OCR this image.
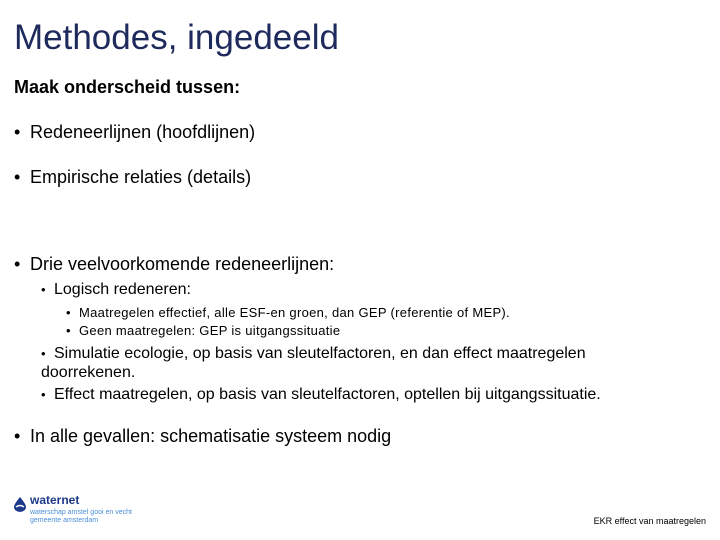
Methodes, ingedeeld
Maak onderscheid tussen:
• Redeneerlijnen (hoofdlijnen)
• Empirische relaties (details)
• Drie veelvoorkomende redeneerlijnen:
• Logisch redeneren:
• Maatregelen effectief, alle ESF-en groen, dan GEP (referentie of MEP).
• Geen maatregelen: GEP is uitgangssituatie
• Simulatie ecologie, op basis van sleutelfactoren, en dan effect maatregelen doorrekenen.
• Effect maatregelen, op basis van sleutelfactoren, optellen bij uitgangssituatie.
• In alle gevallen: schematisatie systeem nodig
waternet
waterschap amstel gooi en vecht
gemeente amsterdam	EKR effect van maatregelen
